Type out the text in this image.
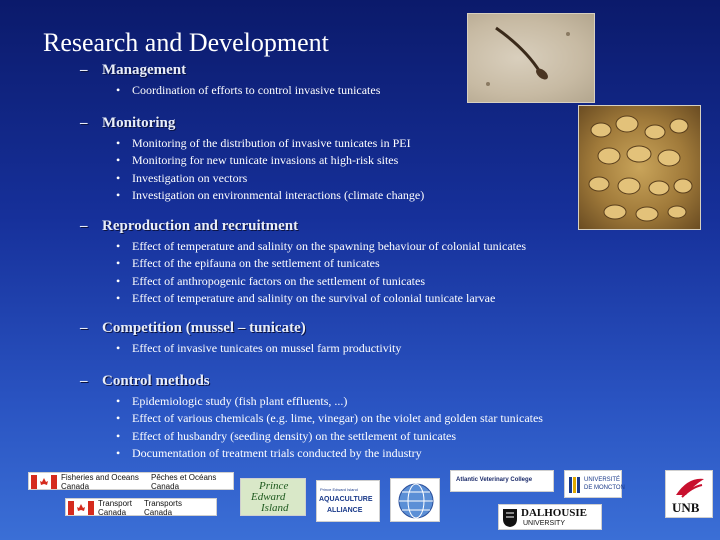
Research and Development
– Management
• Coordination of efforts to control invasive tunicates
– Monitoring
• Monitoring of the distribution of invasive tunicates in PEI
• Monitoring for new tunicate invasions at high-risk sites
• Investigation on vectors
• Investigation on environmental interactions (climate change)
– Reproduction and recruitment
• Effect of temperature and salinity on the spawning behaviour of colonial tunicates
• Effect of the epifauna on the settlement of tunicates
• Effect of anthropogenic factors on the settlement of tunicates
• Effect of temperature and salinity on the survival of colonial tunicate larvae
– Competition (mussel – tunicate)
• Effect of invasive tunicates on mussel farm productivity
– Control methods
• Epidemiologic study (fish plant effluents, ...)
• Effect of various chemicals (e.g. lime, vinegar) on the violet and golden star tunicates
• Effect of husbandry (seeding density) on the settlement of tunicates
• Documentation of treatment trials conducted by the industry
Fisheries and Oceans
Canada
Pêches et Océans
Canada
Transport
Canada
Transports
Canada
Prince
Edward
Island
Prince Edward Island
AQUACULTURE
ALLIANCE
Atlantic Veterinary College	UNIVERSITÉ
DE MONCTON
DALHOUSIE
UNIVERSITY
UNB
